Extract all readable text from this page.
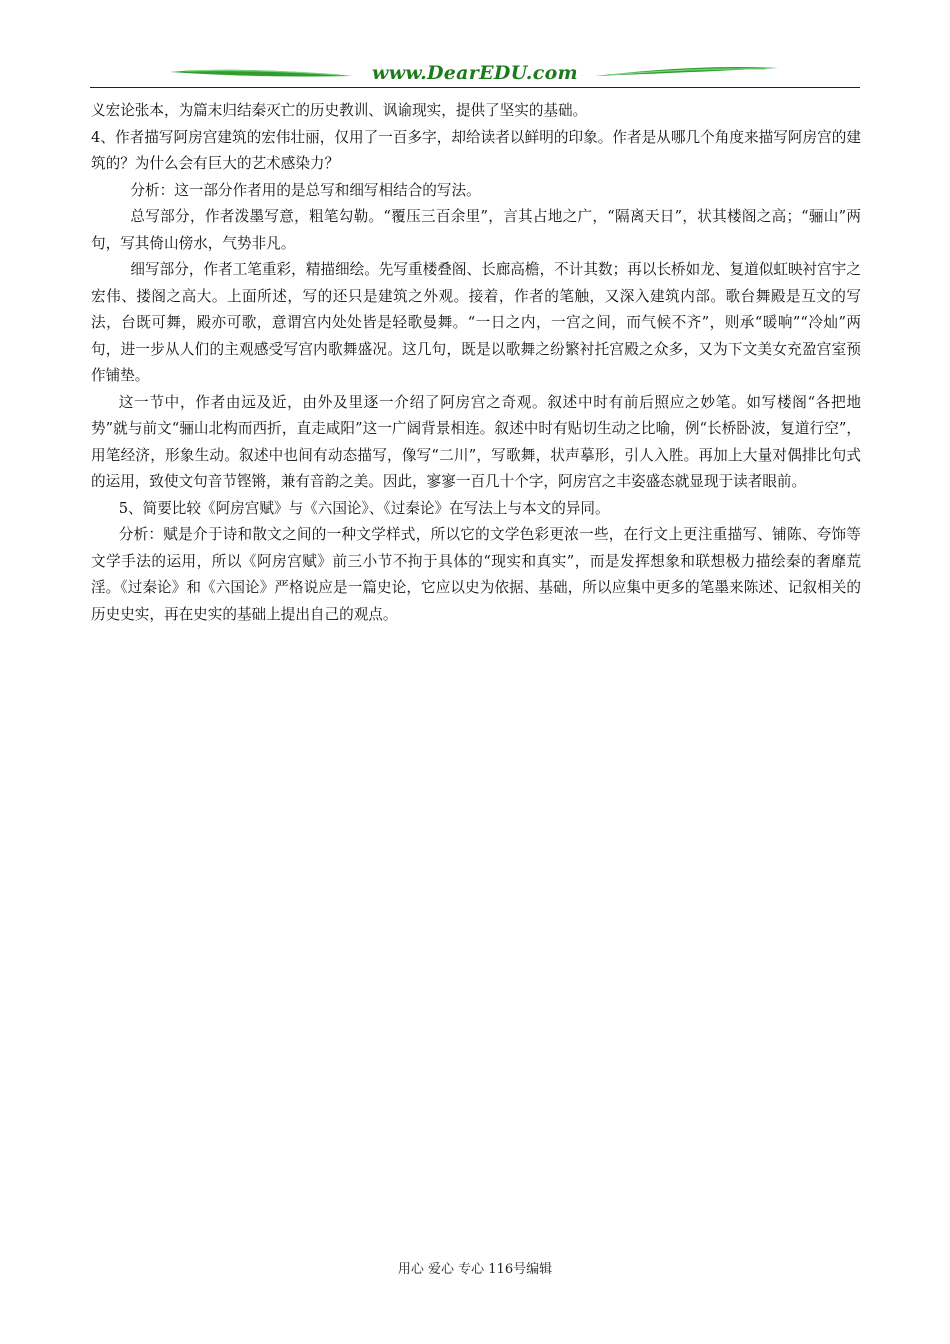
www.DearEDU.com

义宏论张本，为篇末归结秦灭亡的历史教训、讽谕现实，提供了坚实的基础。

4、作者描写阿房宫建筑的宏伟壮丽，仅用了一百多字，却给读者以鲜明的印象。作者是从哪几个角度来描写阿房宫的建筑的？为什么会有巨大的艺术感染力？

分析：这一部分作者用的是总写和细写相结合的写法。

总写部分，作者泼墨写意，粗笔勾勒。“覆压三百余里”，言其占地之广，“隔离天日”，状其楼阁之高；“骊山”两句，写其倚山傍水，气势非凡。

细写部分，作者工笔重彩，精描细绘。先写重楼叠阁、长廊高檐，不计其数；再以长桥如龙、复道似虹映衬宫宇之宏伟、搂阁之高大。上面所述，写的还只是建筑之外观。接着，作者的笔触，又深入建筑内部。歌台舞殿是互文的写法，台既可舞，殿亦可歌，意谓宫内处处皆是轻歌曼舞。“一日之内，一宫之间，而气候不齐”，则承“暖响”“冷灿”两句，进一步从人们的主观感受写宫内歌舞盛况。这几句，既是以歌舞之纷繁衬托宫殿之众多，又为下文美女充盈宫室预作铺垫。

这一节中，作者由远及近，由外及里逐一介绍了阿房宫之奇观。叙述中时有前后照应之妙笔。如写楼阁“各把地势”就与前文“骊山北构而西折，直走咸阳”这一广阔背景相连。叙述中时有贴切生动之比喻，例“长桥卧波，复道行空”，用笔经济，形象生动。叙述中也间有动态描写，像写“二川”，写歌舞，状声摹形，引人入胜。再加上大量对偶排比句式的运用，致使文句音节铿锵，兼有音韵之美。因此，寥寥一百几十个字，阿房宫之丰姿盛态就显现于读者眼前。

5、简要比较《阿房宫赋》与《六国论》、《过秦论》在写法上与本文的异同。

分析：赋是介于诗和散文之间的一种文学样式，所以它的文学色彩更浓一些，在行文上更注重描写、铺陈、夸饰等文学手法的运用，所以《阿房宫赋》前三小节不拘于具体的“现实和真实”，而是发挥想象和联想极力描绘秦的奢靡荒淫。《过秦论》和《六国论》严格说应是一篇史论，它应以史为依据、基础，所以应集中更多的笔墨来陈述、记叙相关的历史史实，再在史实的基础上提出自己的观点。

用心 爱心 专心 116号编辑
